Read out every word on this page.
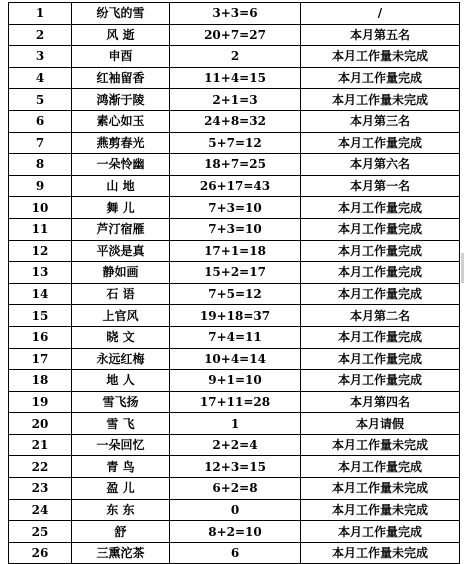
1	纷飞的雪	3+3=6	/
2	风 逝	20+7=27	本月第五名
3	申酉	2	本月工作量未完成
4	红袖留香	11+4=15	本月工作量完成
5	鸿渐于陵	2+1=3	本月工作量未完成
6	素心如玉	24+8=32	本月第三名
7	燕剪春光	5+7=12	本月工作量完成
8	一朵怜幽	18+7=25	本月第六名
9	山 地	26+17=43	本月第一名
10	舞 儿	7+3=10	本月工作量完成
11	芦汀宿雁	7+3=10	本月工作量完成
12	平淡是真	17+1=18	本月工作量完成
13	静如画	15+2=17	本月工作量完成
14	石 语	7+5=12	本月工作量完成
15	上官风	19+18=37	本月第二名
16	晓 文	7+4=11	本月工作量完成
17	永远红梅	10+4=14	本月工作量完成
18	地 人	9+1=10	本月工作量完成
19	雪飞扬	17+11=28	本月第四名
20	雪 飞	1	本月请假
21	一朵回忆	2+2=4	本月工作量未完成
22	青 鸟	12+3=15	本月工作量完成
23	盈 儿	6+2=8	本月工作量未完成
24	东 东	0	本月工作量未完成
25	舒	8+2=10	本月工作量完成
26	三熏沱茶	6	本月工作量未完成
